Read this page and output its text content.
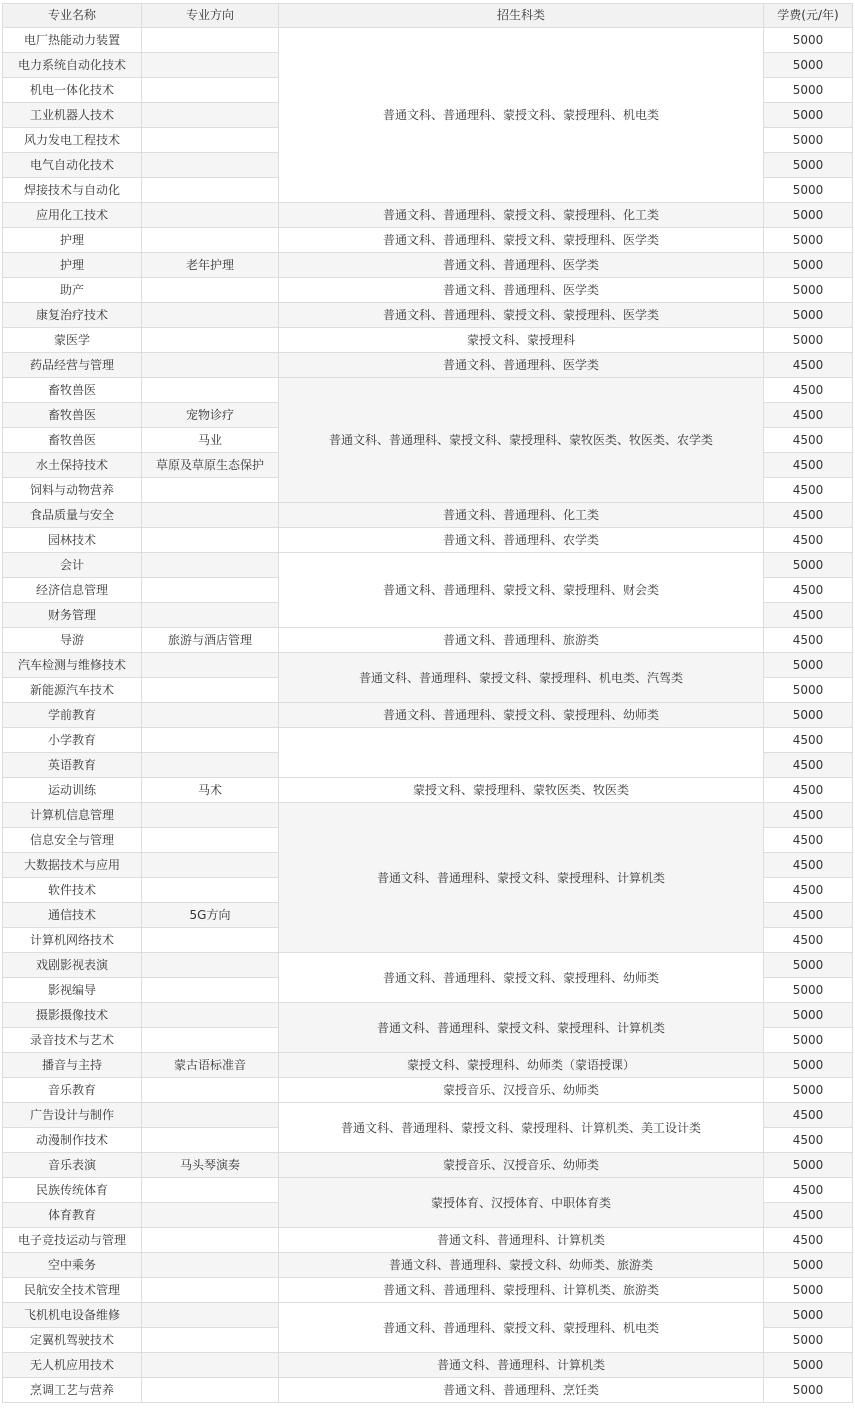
专业名称	专业方向	招生科类	学费(元/年)
电厂热能动力装置		普通文科、普通理科、蒙授文科、蒙授理科、机电类	5000
电力系统自动化技术			5000
机电一体化技术			5000
工业机器人技术			5000
风力发电工程技术			5000
电气自动化技术			5000
焊接技术与自动化			5000
应用化工技术		普通文科、普通理科、蒙授文科、蒙授理科、化工类	5000
护理		普通文科、普通理科、蒙授文科、蒙授理科、医学类	5000
护理	老年护理	普通文科、普通理科、医学类	5000
助产		普通文科、普通理科、医学类	5000
康复治疗技术		普通文科、普通理科、蒙授文科、蒙授理科、医学类	5000
蒙医学		蒙授文科、蒙授理科	5000
药品经营与管理		普通文科、普通理科、医学类	4500
畜牧兽医		普通文科、普通理科、蒙授文科、蒙授理科、蒙牧医类、牧医类、农学类	4500
畜牧兽医	宠物诊疗		4500
畜牧兽医	马业		4500
水土保持技术	草原及草原生态保护		4500
饲料与动物营养			4500
食品质量与安全		普通文科、普通理科、化工类	4500
园林技术		普通文科、普通理科、农学类	4500
会计		普通文科、普通理科、蒙授文科、蒙授理科、财会类	5000
经济信息管理			4500
财务管理			4500
导游	旅游与酒店管理	普通文科、普通理科、旅游类	4500
汽车检测与维修技术		普通文科、普通理科、蒙授文科、蒙授理科、机电类、汽驾类	5000
新能源汽车技术			5000
学前教育		普通文科、普通理科、蒙授文科、蒙授理科、幼师类	5000
小学教育			4500
英语教育			4500
运动训练	马术	蒙授文科、蒙授理科、蒙牧医类、牧医类	4500
计算机信息管理		普通文科、普通理科、蒙授文科、蒙授理科、计算机类	4500
信息安全与管理			4500
大数据技术与应用			4500
软件技术			4500
通信技术	5G方向		4500
计算机网络技术			4500
戏剧影视表演		普通文科、普通理科、蒙授文科、蒙授理科、幼师类	5000
影视编导			5000
摄影摄像技术		普通文科、普通理科、蒙授文科、蒙授理科、计算机类	5000
录音技术与艺术			5000
播音与主持	蒙古语标准音	蒙授文科、蒙授理科、幼师类（蒙语授课）	5000
音乐教育		蒙授音乐、汉授音乐、幼师类	5000
广告设计与制作		普通文科、普通理科、蒙授文科、蒙授理科、计算机类、美工设计类	4500
动漫制作技术			4500
音乐表演	马头琴演奏	蒙授音乐、汉授音乐、幼师类	5000
民族传统体育		蒙授体育、汉授体育、中职体育类	4500
体育教育			4500
电子竞技运动与管理		普通文科、普通理科、计算机类	4500
空中乘务		普通文科、普通理科、蒙授文科、幼师类、旅游类	5000
民航安全技术管理		普通文科、普通理科、蒙授理科、计算机类、旅游类	5000
飞机机电设备维修		普通文科、普通理科、蒙授文科、蒙授理科、机电类	5000
定翼机驾驶技术			5000
无人机应用技术		普通文科、普通理科、计算机类	5000
烹调工艺与营养		普通文科、普通理科、烹饪类	5000
